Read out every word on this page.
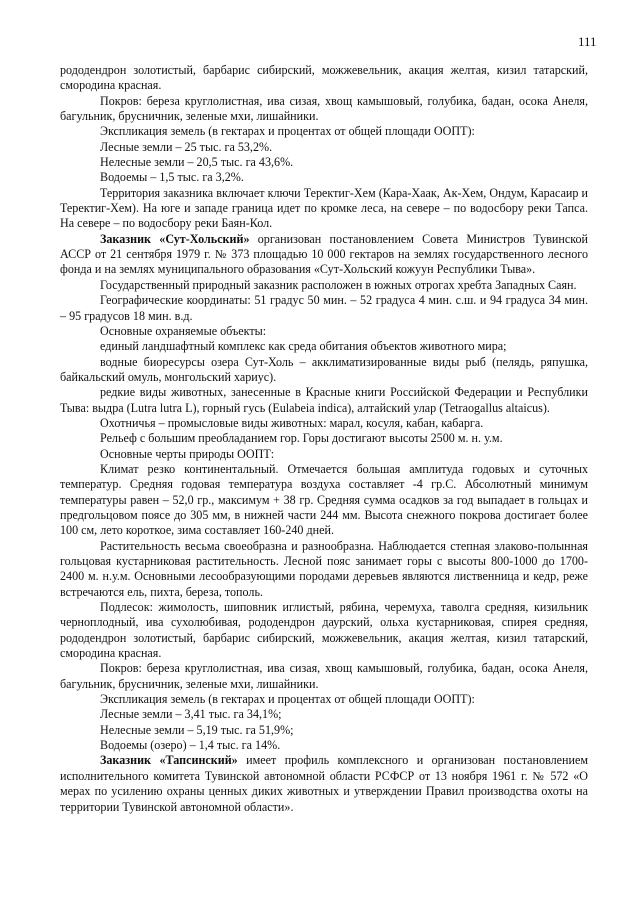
111

рододендрон золотистый, барбарис сибирский, можжевельник, акация желтая, кизил татарский, смородина красная.

Покров: береза круглолистная, ива сизая, хвощ камышовый, голубика, бадан, осока Aнеля, багульник, брусничник, зеленые мхи, лишайники.

Экспликация земель (в гектарах и процентах от общей площади ООПТ):

Лесные земли – 25 тыс. га 53,2%.

Нелесные земли – 20,5 тыс. га 43,6%.

Водоемы – 1,5 тыс. га 3,2%.

Территория заказника включает ключи Теректиг-Хем (Кара-Хаак, Ак-Хем, Ондум, Карасаир и Теректиг-Хем). На юге и западе граница идет по кромке леса, на севере – по водосбору реки Тапса. На севере – по водосбору реки Баян-Кол.

Заказник «Сут-Хольский» организован постановлением Совета Министров Тувинской АССР от 21 сентября 1979 г. № 373 площадью 10 000 гектаров на землях государственного лесного фонда и на землях муниципального образования «Сут-Хольский кожуун Республики Тыва».

Государственный природный заказник расположен в южных отрогах хребта Западных Саян.

Географические координаты: 51 градус 50 мин. – 52 градуса 4 мин. с.ш. и 94 градуса 34 мин. – 95 градусов 18 мин. в.д.

Основные охраняемые объекты:

единый ландшафтный комплекс как среда обитания объектов животного мира;

водные биоресурсы озера Сут-Холь – акклиматизированные виды рыб (пелядь, ряпушка, байкальский омуль, монгольский хариус).

редкие виды животных, занесенные в Красные книги Российской Федерации и Республики Тыва: выдра (Lutra lutra L), горный гусь (Eulabeia indica), алтайский улар (Tetraogallus altaicus).

Охотничья – промысловые виды животных: марал, косуля, кабан, кабарга.

Рельеф с большим преобладанием гор. Горы достигают высоты 2500 м. н. у.м.

Основные черты природы ООПТ:

Климат резко континентальный. Отмечается большая амплитуда годовых и суточных температур. Средняя годовая температура воздуха составляет -4 гр.С. Абсолютный минимум температуры равен – 52,0 гр., максимум + 38 гр. Средняя сумма осадков за год выпадает в гольцах и предгольцовом поясе до 305 мм, в нижней части 244 мм. Высота снежного покрова достигает более 100 см, лето короткое, зима составляет 160-240 дней.

Растительность весьма своеобразна и разнообразна. Наблюдается степная злаково-полынная гольцовая кустарниковая растительность. Лесной пояс занимает горы с высоты 800-1000 до 1700-2400 м. н.у.м. Основными лесообразующими породами деревьев являются лиственница и кедр, реже встречаются ель, пихта, береза, тополь.

Подлесок: жимолость, шиповник иглистый, рябина, черемуха, таволга средняя, кизильник черноплодный, ива сухолюбивая, рододендрон даурский, ольха кустарниковая, спирея средняя, рододендрон золотистый, барбарис сибирский, можжевельник, акация желтая, кизил татарский, смородина красная.

Покров: береза круглолистная, ива сизая, хвощ камышовый, голубика, бадан, осока Анеля, багульник, брусничник, зеленые мхи, лишайники.

Экспликация земель (в гектарах и процентах от общей площади ООПТ):

Лесные земли – 3,41 тыс. га 34,1%;

Нелесные земли – 5,19 тыс. га 51,9%;

Водоемы (озеро) – 1,4 тыс. га 14%.

Заказник «Тапсинский» имеет профиль комплексного и организован постановлением исполнительного комитета Тувинской автономной области РСФСР от 13 ноября 1961 г. № 572 «О мерах по усилению охраны ценных диких животных и утверждении Правил производства охоты на территории Тувинской автономной области».
